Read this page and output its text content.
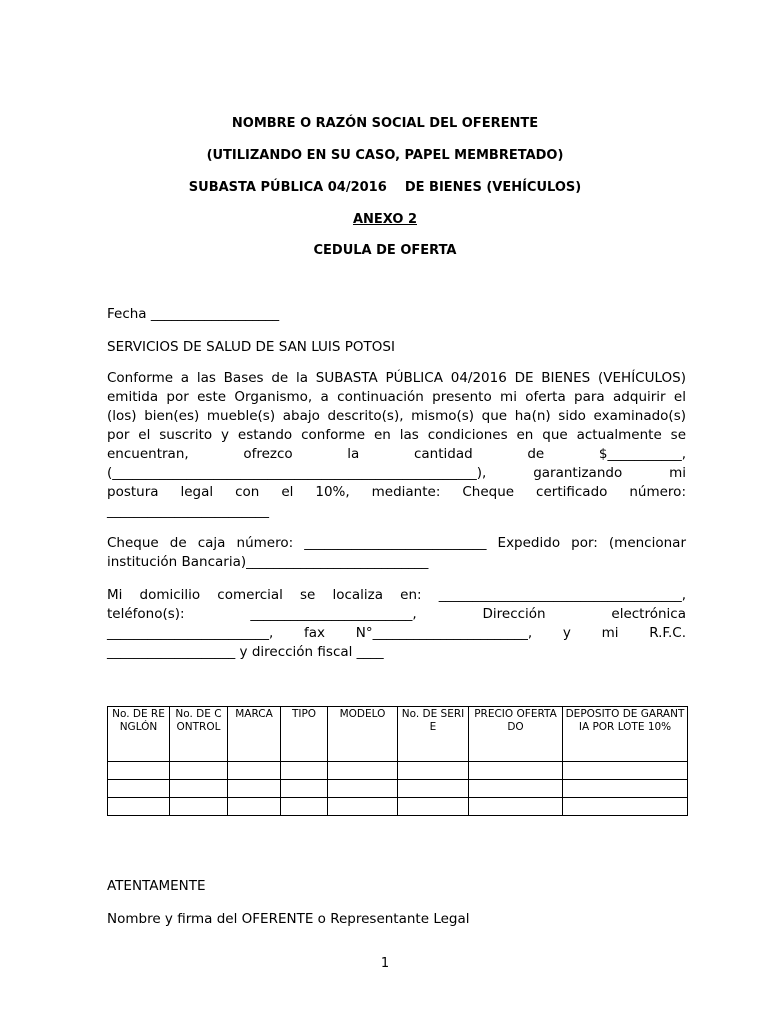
NOMBRE O RAZÓN SOCIAL DEL OFERENTE
(UTILIZANDO EN SU CASO, PAPEL MEMBRETADO)
SUBASTA PÚBLICA 04/2016    DE BIENES (VEHÍCULOS)
ANEXO 2
CEDULA DE OFERTA
Fecha ___________________
SERVICIOS DE SALUD DE SAN LUIS POTOSI
Conforme a las Bases de la SUBASTA PÚBLICA 04/2016 DE BIENES (VEHÍCULOS)
emitida por este Organismo, a continuación presento mi oferta para adquirir el
(los) bien(es) mueble(s) abajo descrito(s), mismo(s) que ha(n) sido examinado(s)
por el suscrito y estando conforme en las condiciones en que actualmente se
encuentran, ofrezco la cantidad de $___________,
(______________________________________________________), garantizando mi
postura legal con el 10%, mediante: Cheque certificado número:
________________________
Cheque de caja número: ___________________________ Expedido por: (mencionar
institución Bancaria)___________________________
Mi domicilio comercial se localiza en: ____________________________________,
teléfono(s): ________________________, Dirección electrónica
________________________, fax N°_______________________, y mi R.F.C.
___________________ y dirección fiscal ____
No. DE RENGLÓN	No. DE CONTROL	MARCA	TIPO	MODELO	No. DE SERIE	PRECIO OFERTADO	DEPOSITO DE GARANTIA POR LOTE 10%

ATENTAMENTE
Nombre y firma del OFERENTE o Representante Legal
1
